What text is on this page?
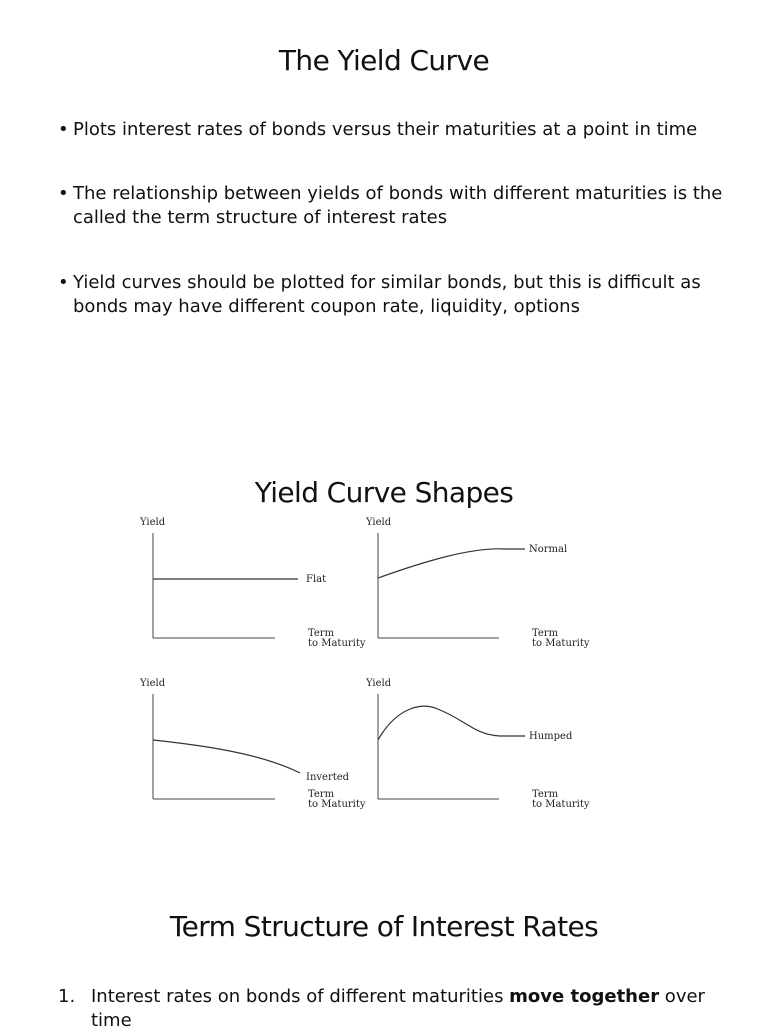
The Yield Curve
• Plots interest rates of bonds versus their maturities at a point in time
• The relationship between yields of bonds with different maturities is the called the term structure of interest rates
• Yield curves should be plotted for similar bonds, but this is difficult as bonds may have different coupon rate, liquidity, options
Yield Curve Shapes
Yield
Flat
Term
to Maturity
Yield
Normal
Term
to Maturity
Yield
Inverted
Term
to Maturity
Yield
Humped
Term
to Maturity
Term Structure of Interest Rates
1. Interest rates on bonds of different maturities move together over time
